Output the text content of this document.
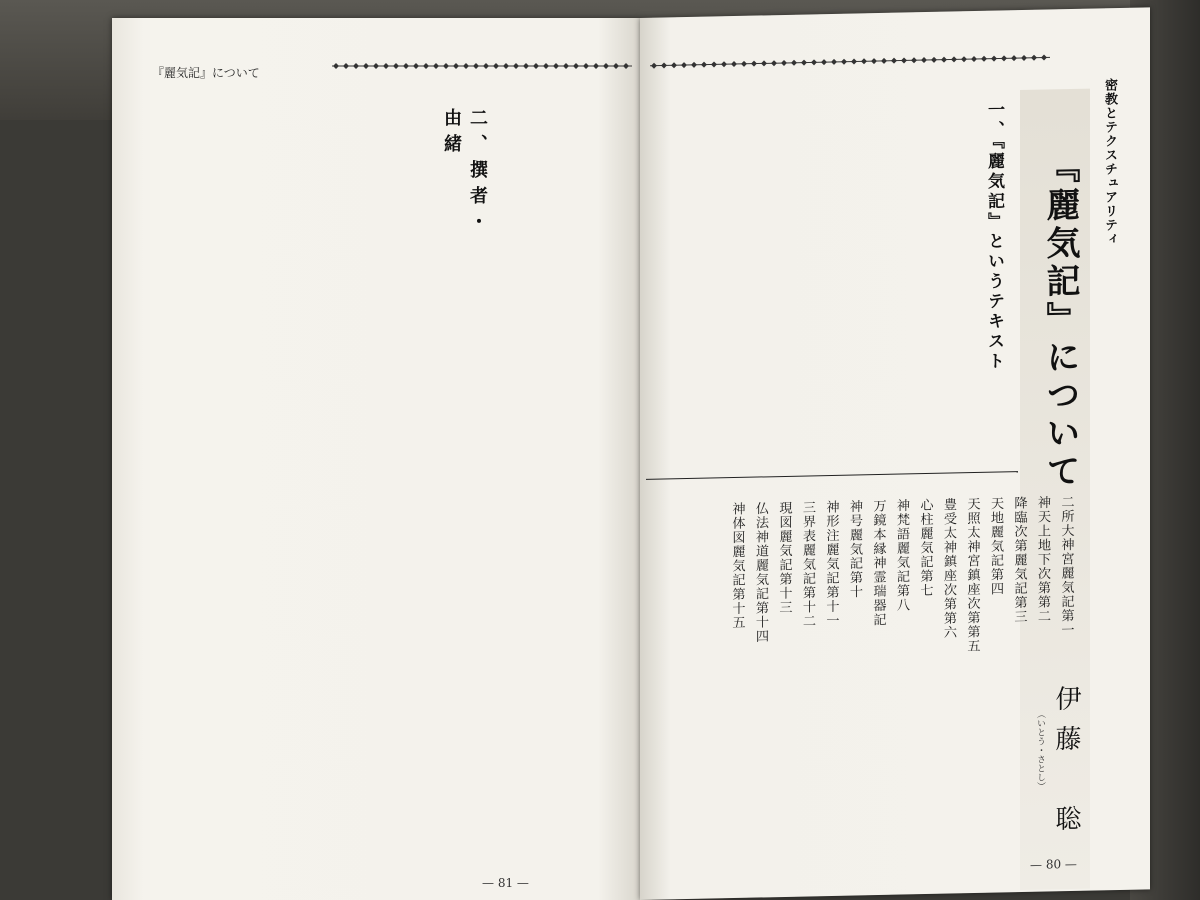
『麗気記』について
二、撰者・由緒
— 81 —
密教とテクスチュアリティ
『麗気記』について
伊藤　聡
（いとう・さとし）
一、『麗気記』というテキスト
二所大神宮麗気記第一
神天上地下次第第二
降臨次第麗気記第三
天地麗気記第四
天照太神宮鎮座次第第五
豊受太神鎮座次第第六
心柱麗気記第七
神梵語麗気記第八
万鏡本縁神霊瑞器記
神号麗気記第十
神形注麗気記第十一
三界表麗気記第十二
現図麗気記第十三
仏法神道麗気記第十四
神体図麗気記第十五
— 80 —
